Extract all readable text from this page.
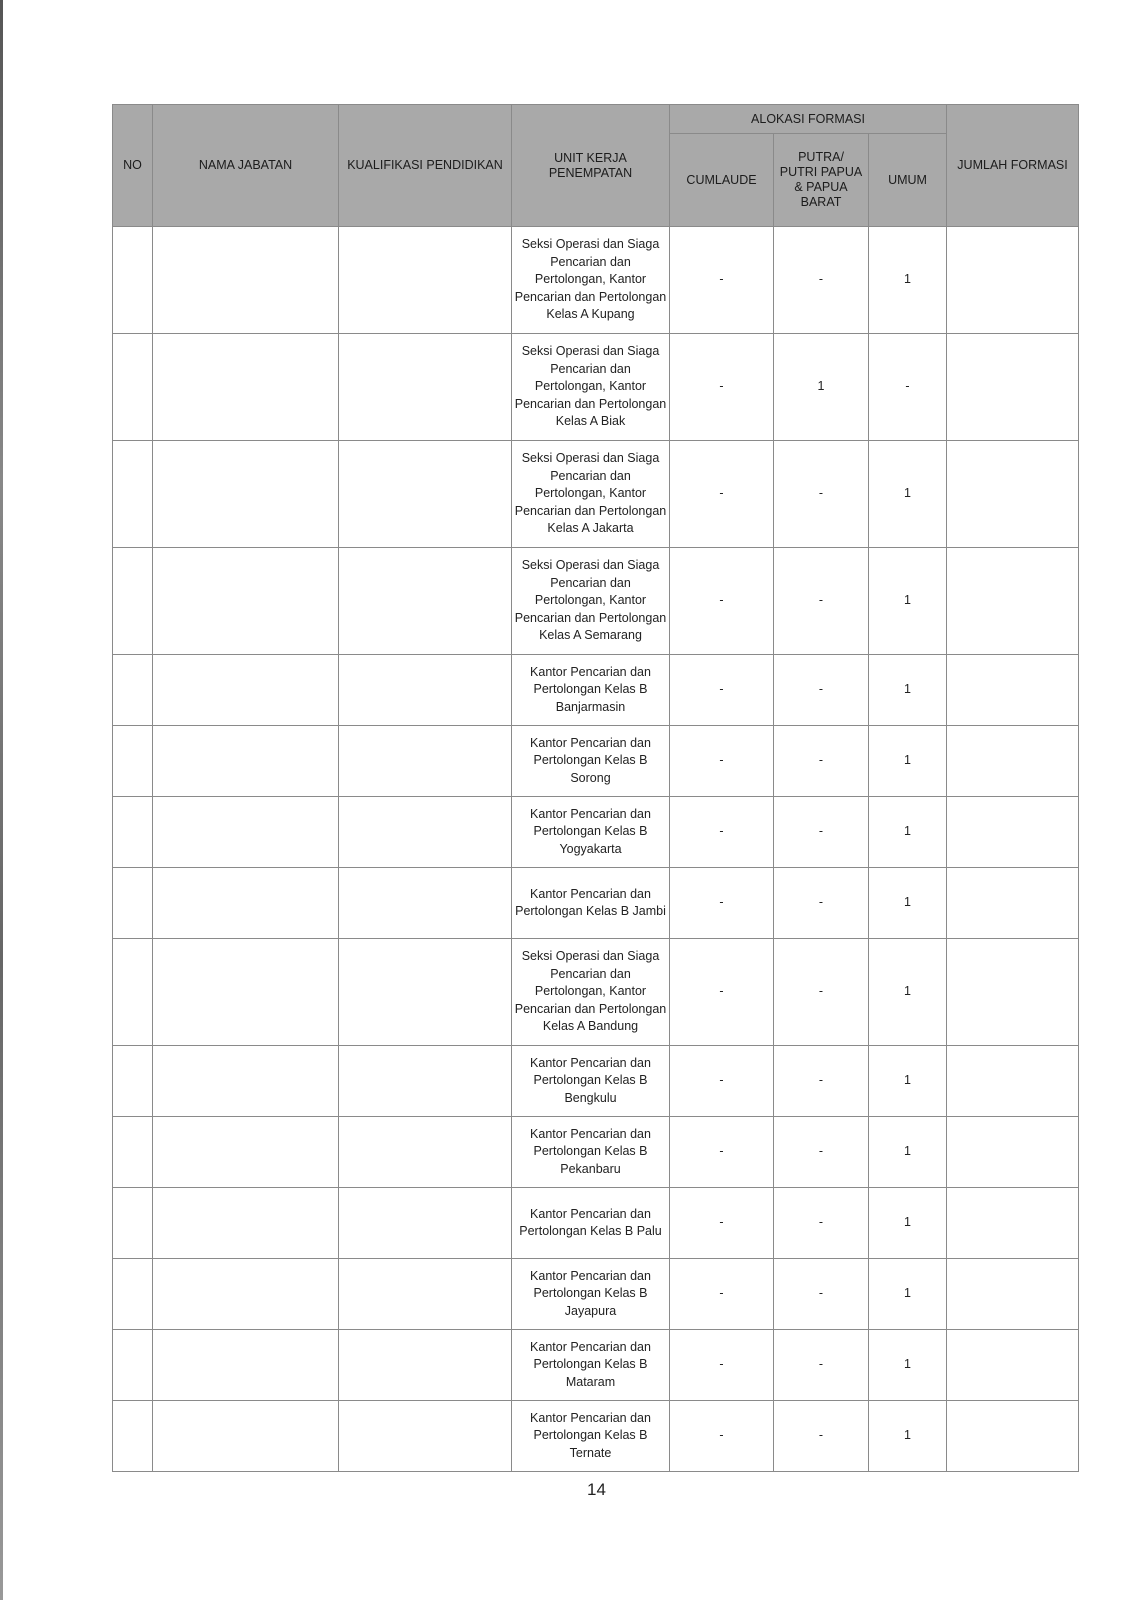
NO	NAMA JABATAN	KUALIFIKASI PENDIDIKAN	UNIT KERJA PENEMPATAN	ALOKASI FORMASI			JUMLAH FORMASI
				CUMLAUDE	PUTRA/ PUTRI PAPUA & PAPUA BARAT	UMUM	
			Seksi Operasi dan Siaga Pencarian dan Pertolongan, Kantor Pencarian dan Pertolongan Kelas A Kupang	-	-	1	
			Seksi Operasi dan Siaga Pencarian dan Pertolongan, Kantor Pencarian dan Pertolongan Kelas A Biak	-	1	-	
			Seksi Operasi dan Siaga Pencarian dan Pertolongan, Kantor Pencarian dan Pertolongan Kelas A Jakarta	-	-	1	
			Seksi Operasi dan Siaga Pencarian dan Pertolongan, Kantor Pencarian dan Pertolongan Kelas A Semarang	-	-	1	
			Kantor Pencarian dan Pertolongan Kelas B Banjarmasin	-	-	1	
			Kantor Pencarian dan Pertolongan Kelas B Sorong	-	-	1	
			Kantor Pencarian dan Pertolongan Kelas B Yogyakarta	-	-	1	
			Kantor Pencarian dan Pertolongan Kelas B Jambi	-	-	1	
			Seksi Operasi dan Siaga Pencarian dan Pertolongan, Kantor Pencarian dan Pertolongan Kelas A Bandung	-	-	1	
			Kantor Pencarian dan Pertolongan Kelas B Bengkulu	-	-	1	
			Kantor Pencarian dan Pertolongan Kelas B Pekanbaru	-	-	1	
			Kantor Pencarian dan Pertolongan Kelas B Palu	-	-	1	
			Kantor Pencarian dan Pertolongan Kelas B Jayapura	-	-	1	
			Kantor Pencarian dan Pertolongan Kelas B Mataram	-	-	1	
			Kantor Pencarian dan Pertolongan Kelas B Ternate	-	-	1	
14
